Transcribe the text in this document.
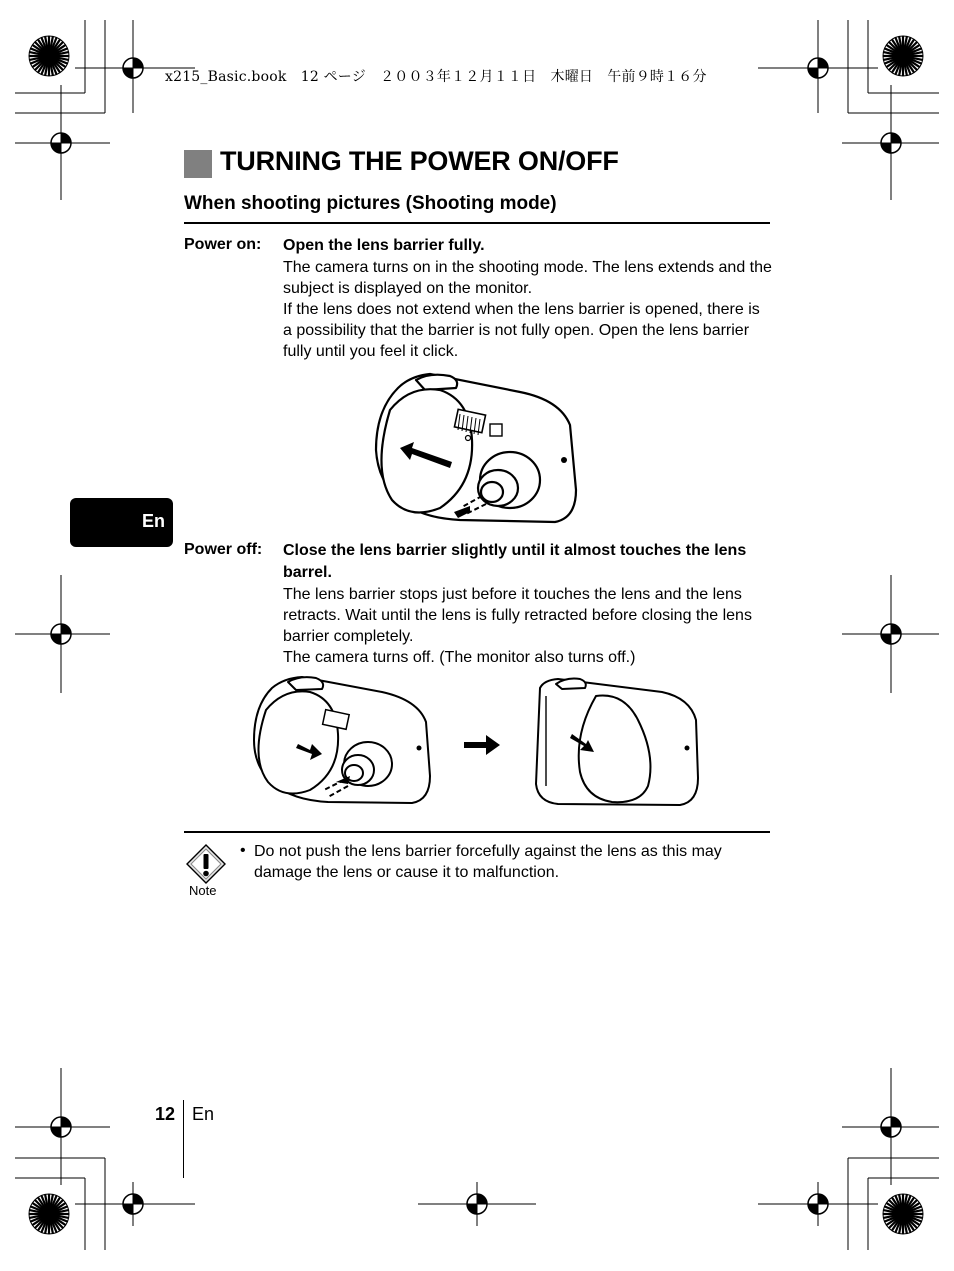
x215_Basic.book　12 ページ　２００３年１２月１１日　木曜日　午前９時１６分
TURNING THE POWER ON/OFF
When shooting pictures (Shooting mode)
Power on: Open the lens barrier fully.
The camera turns on in the shooting mode. The lens extends and the subject is displayed on the monitor.
If the lens does not extend when the lens barrier is opened, there is a possibility that the barrier is not fully open. Open the lens barrier fully until you feel it click.
En
Power off: Close the lens barrier slightly until it almost touches the lens barrel.
The lens barrier stops just before it touches the lens and the lens retracts. Wait until the lens is fully retracted before closing the lens barrier completely.
The camera turns off. (The monitor also turns off.)
Note
• Do not push the lens barrier forcefully against the lens as this may damage the lens or cause it to malfunction.
12 En
